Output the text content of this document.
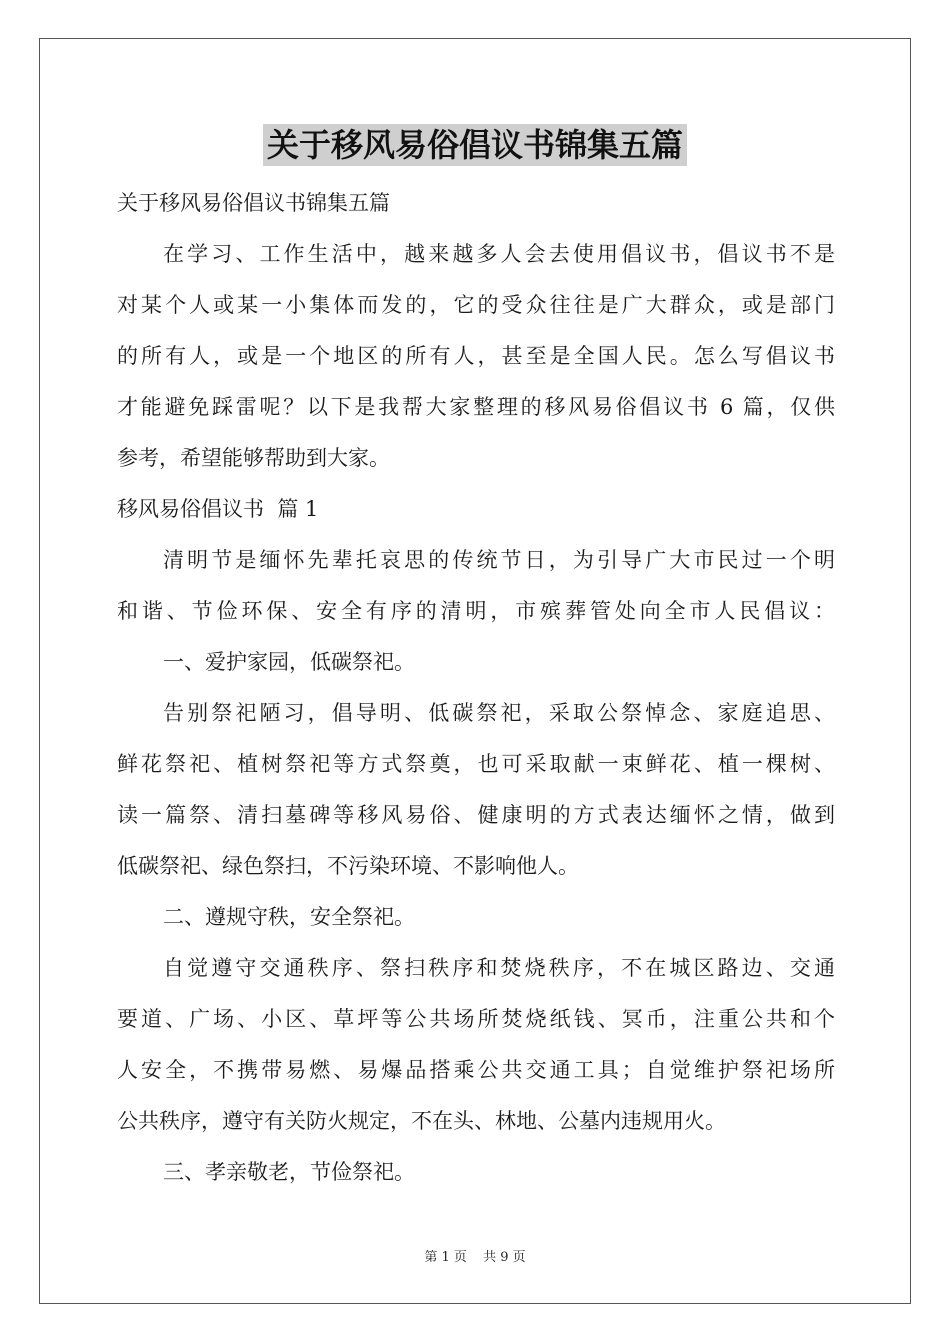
关于移风易俗倡议书锦集五篇
关于移风易俗倡议书锦集五篇
在学习、工作生活中，越来越多人会去使用倡议书，倡议书不是
对某个人或某一小集体而发的，它的受众往往是广大群众，或是部门
的所有人，或是一个地区的所有人，甚至是全国人民。怎么写倡议书
才能避免踩雷呢？以下是我帮大家整理的移风易俗倡议书 6 篇，仅供
参考，希望能够帮助到大家。
移风易俗倡议书  篇 1
清明节是缅怀先辈托哀思的传统节日，为引导广大市民过一个明
和谐、节俭环保、安全有序的清明，市殡葬管处向全市人民倡议：
一、爱护家园，低碳祭祀。
告别祭祀陋习，倡导明、低碳祭祀，采取公祭悼念、家庭追思、
鲜花祭祀、植树祭祀等方式祭奠，也可采取献一束鲜花、植一棵树、
读一篇祭、清扫墓碑等移风易俗、健康明的方式表达缅怀之情，做到
低碳祭祀、绿色祭扫，不污染环境、不影响他人。
二、遵规守秩，安全祭祀。
自觉遵守交通秩序、祭扫秩序和焚烧秩序，不在城区路边、交通
要道、广场、小区、草坪等公共场所焚烧纸钱、冥币，注重公共和个
人安全，不携带易燃、易爆品搭乘公共交通工具；自觉维护祭祀场所
公共秩序，遵守有关防火规定，不在头、林地、公墓内违规用火。
三、孝亲敬老，节俭祭祀。
第 1 页 共 9 页
